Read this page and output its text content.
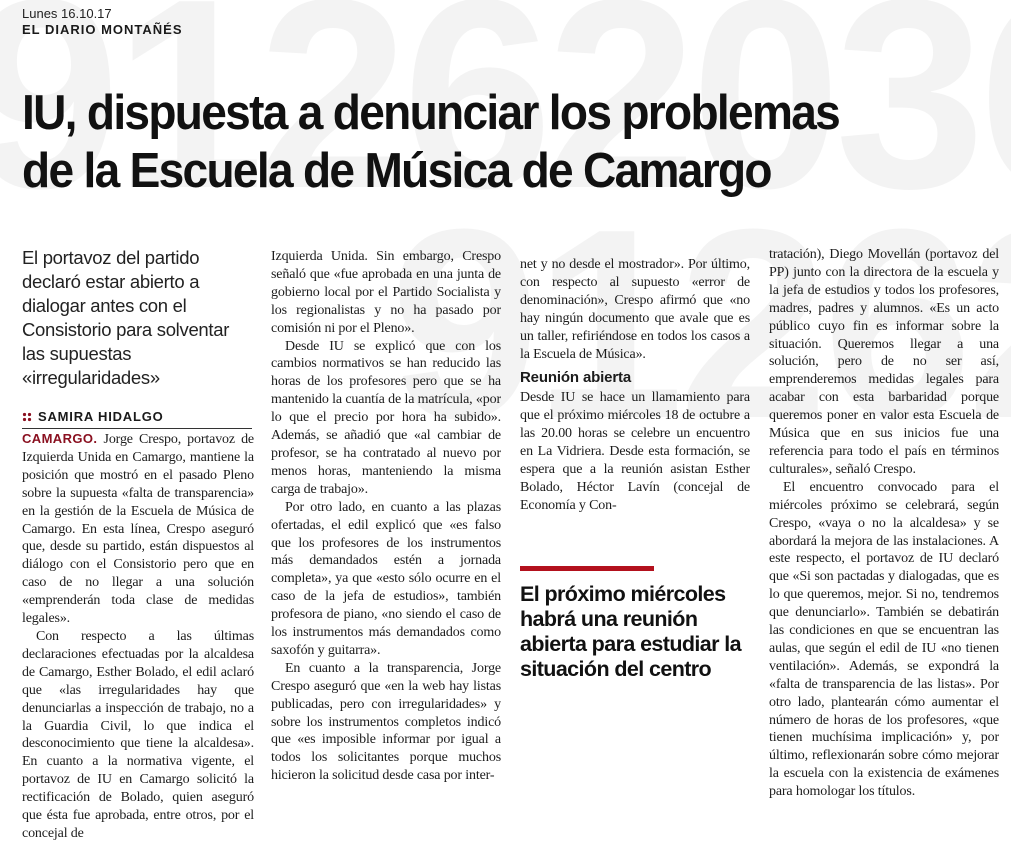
Lunes 16.10.17
EL DIARIO MONTAÑÉS
IU, dispuesta a denunciar los problemas
de la Escuela de Música de Camargo
El portavoz del partido declaró estar abierto a dialogar antes con el Consistorio para solventar las supuestas «irregularidades»
SAMIRA HIDALGO

CAMARGO. Jorge Crespo, portavoz de Izquierda Unida en Camargo, mantiene la posición que mostró en el pasado Pleno sobre la supuesta «falta de transparencia» en la gestión de la Escuela de Música de Camargo. En esta línea, Crespo aseguró que, desde su partido, están dispuestos al diálogo con el Consistorio pero que en caso de no llegar a una solución «emprenderán toda clase de medidas legales».

Con respecto a las últimas declaraciones efectuadas por la alcaldesa de Camargo, Esther Bolado, el edil aclaró que «las irregularidades hay que denunciarlas a inspección de trabajo, no a la Guardia Civil, lo que indica el desconocimiento que tiene la alcaldesa». En cuanto a la normativa vigente, el portavoz de IU en Camargo solicitó la rectificación de Bolado, quien aseguró que ésta fue aprobada, entre otros, por el concejal de

Izquierda Unida. Sin embargo, Crespo señaló que «fue aprobada en una junta de gobierno local por el Partido Socialista y los regionalistas y no ha pasado por comisión ni por el Pleno».

Desde IU se explicó que con los cambios normativos se han reducido las horas de los profesores pero que se ha mantenido la cuantía de la matrícula, «por lo que el precio por hora ha subido». Además, se añadió que «al cambiar de profesor, se ha contratado al nuevo por menos horas, manteniendo la misma carga de trabajo».

Por otro lado, en cuanto a las plazas ofertadas, el edil explicó que «es falso que los profesores de los instrumentos más demandados estén a jornada completa», ya que «esto sólo ocurre en el caso de la jefa de estudios», también profesora de piano, «no siendo el caso de los instrumentos más demandados como saxofón y guitarra».

En cuanto a la transparencia, Jorge Crespo aseguró que «en la web hay listas publicadas, pero con irregularidades» y sobre los instrumentos completos indicó que «es imposible informar por igual a todos los solicitantes porque muchos hicieron la solicitud desde casa por inter-

net y no desde el mostrador». Por último, con respecto al supuesto «error de denominación», Crespo afirmó que «no hay ningún documento que avale que es un taller, refiriéndose en todos los casos a la Escuela de Música».

Reunión abierta

Desde IU se hace un llamamiento para que el próximo miércoles 18 de octubre a las 20.00 horas se celebre un encuentro en La Vidriera. Desde esta formación, se espera que a la reunión asistan Esther Bolado, Héctor Lavín (concejal de Economía y Con-

El próximo miércoles habrá una reunión abierta para estudiar la situación del centro

tratación), Diego Movellán (portavoz del PP) junto con la directora de la escuela y la jefa de estudios y todos los profesores, madres, padres y alumnos. «Es un acto público cuyo fin es informar sobre la situación. Queremos llegar a una solución, pero de no ser así, emprenderemos medidas legales para acabar con esta barbaridad porque queremos poner en valor esta Escuela de Música que en sus inicios fue una referencia para todo el país en términos culturales», señaló Crespo.

El encuentro convocado para el miércoles próximo se celebrará, según Crespo, «vaya o no la alcaldesa» y se abordará la mejora de las instalaciones. A este respecto, el portavoz de IU declaró que «Si son pactadas y dialogadas, que es lo que queremos, mejor. Si no, tendremos que denunciarlo». También se debatirán las condiciones en que se encuentran las aulas, que según el edil de IU «no tienen ventilación». Además, se expondrá la «falta de transparencia de las listas». Por otro lado, plantearán cómo aumentar el número de horas de los profesores, «que tienen muchísima implicación» y, por último, reflexionarán sobre cómo mejorar la escuela con la existencia de exámenes para homologar los títulos.
